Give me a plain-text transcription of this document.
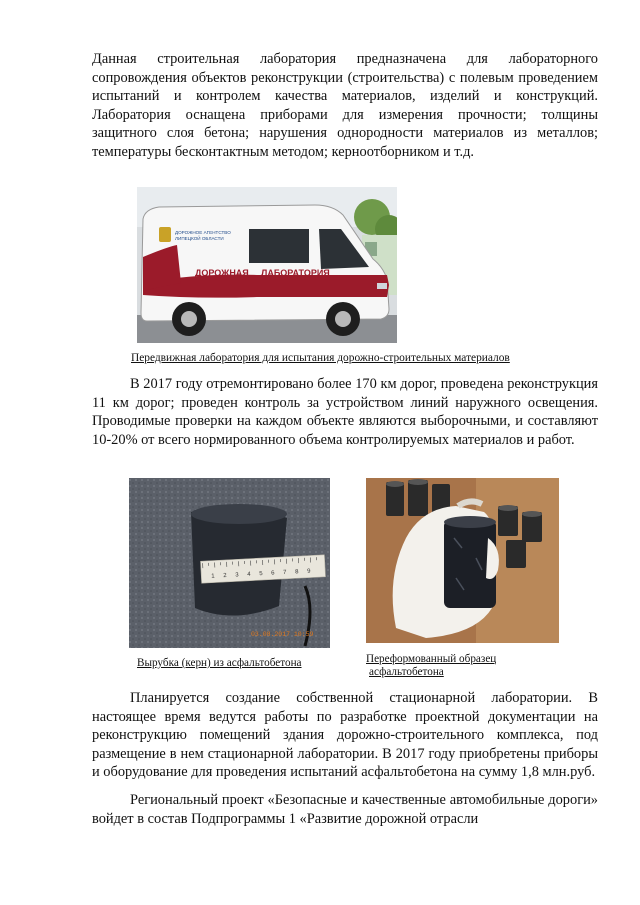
Данная строительная лаборатория предназначена для лабораторного сопровождения объектов реконструкции (строительства) с полевым проведением испытаний и контролем качества материалов, изделий и конструкций. Лаборатория оснащена приборами для измерения прочности; толщины защитного слоя бетона; нарушения однородности материалов из металлов; температуры бесконтактным методом; керноотборником и т.д.

ДОРОЖНАЯ ЛАБОРАТОРИЯ
ДОРОЖНОЕ АГЕНТСТВО
ЛИПЕЦКОЙ ОБЛАСТИ
Передвижная лаборатория для испытания дорожно-строительных материалов

В 2017 году отремонтировано более 170 км дорог, проведена реконструкция 11 км дорог; проведен контроль за устройством линий наружного освещения. Проводимые проверки на каждом объекте являются выборочными, и составляют 10-20% от всего нормированного объема контролируемых материалов и работ.

1 2 3 4 5 6 7 8 9
03.08.2017 10:59
Вырубка (керн) из асфальтобетона	Переформованный образец
асфальтобетона

Планируется создание собственной стационарной лаборатории. В настоящее время ведутся работы по разработке проектной документации на реконструкцию помещений здания дорожно-строительного комплекса, под размещение в нем стационарной лаборатории. В 2017 году приобретены приборы и оборудование для проведения испытаний асфальтобетона на сумму 1,8 млн.руб.

Региональный проект «Безопасные и качественные автомобильные дороги» войдет в состав Подпрограммы 1 «Развитие дорожной отрасли
